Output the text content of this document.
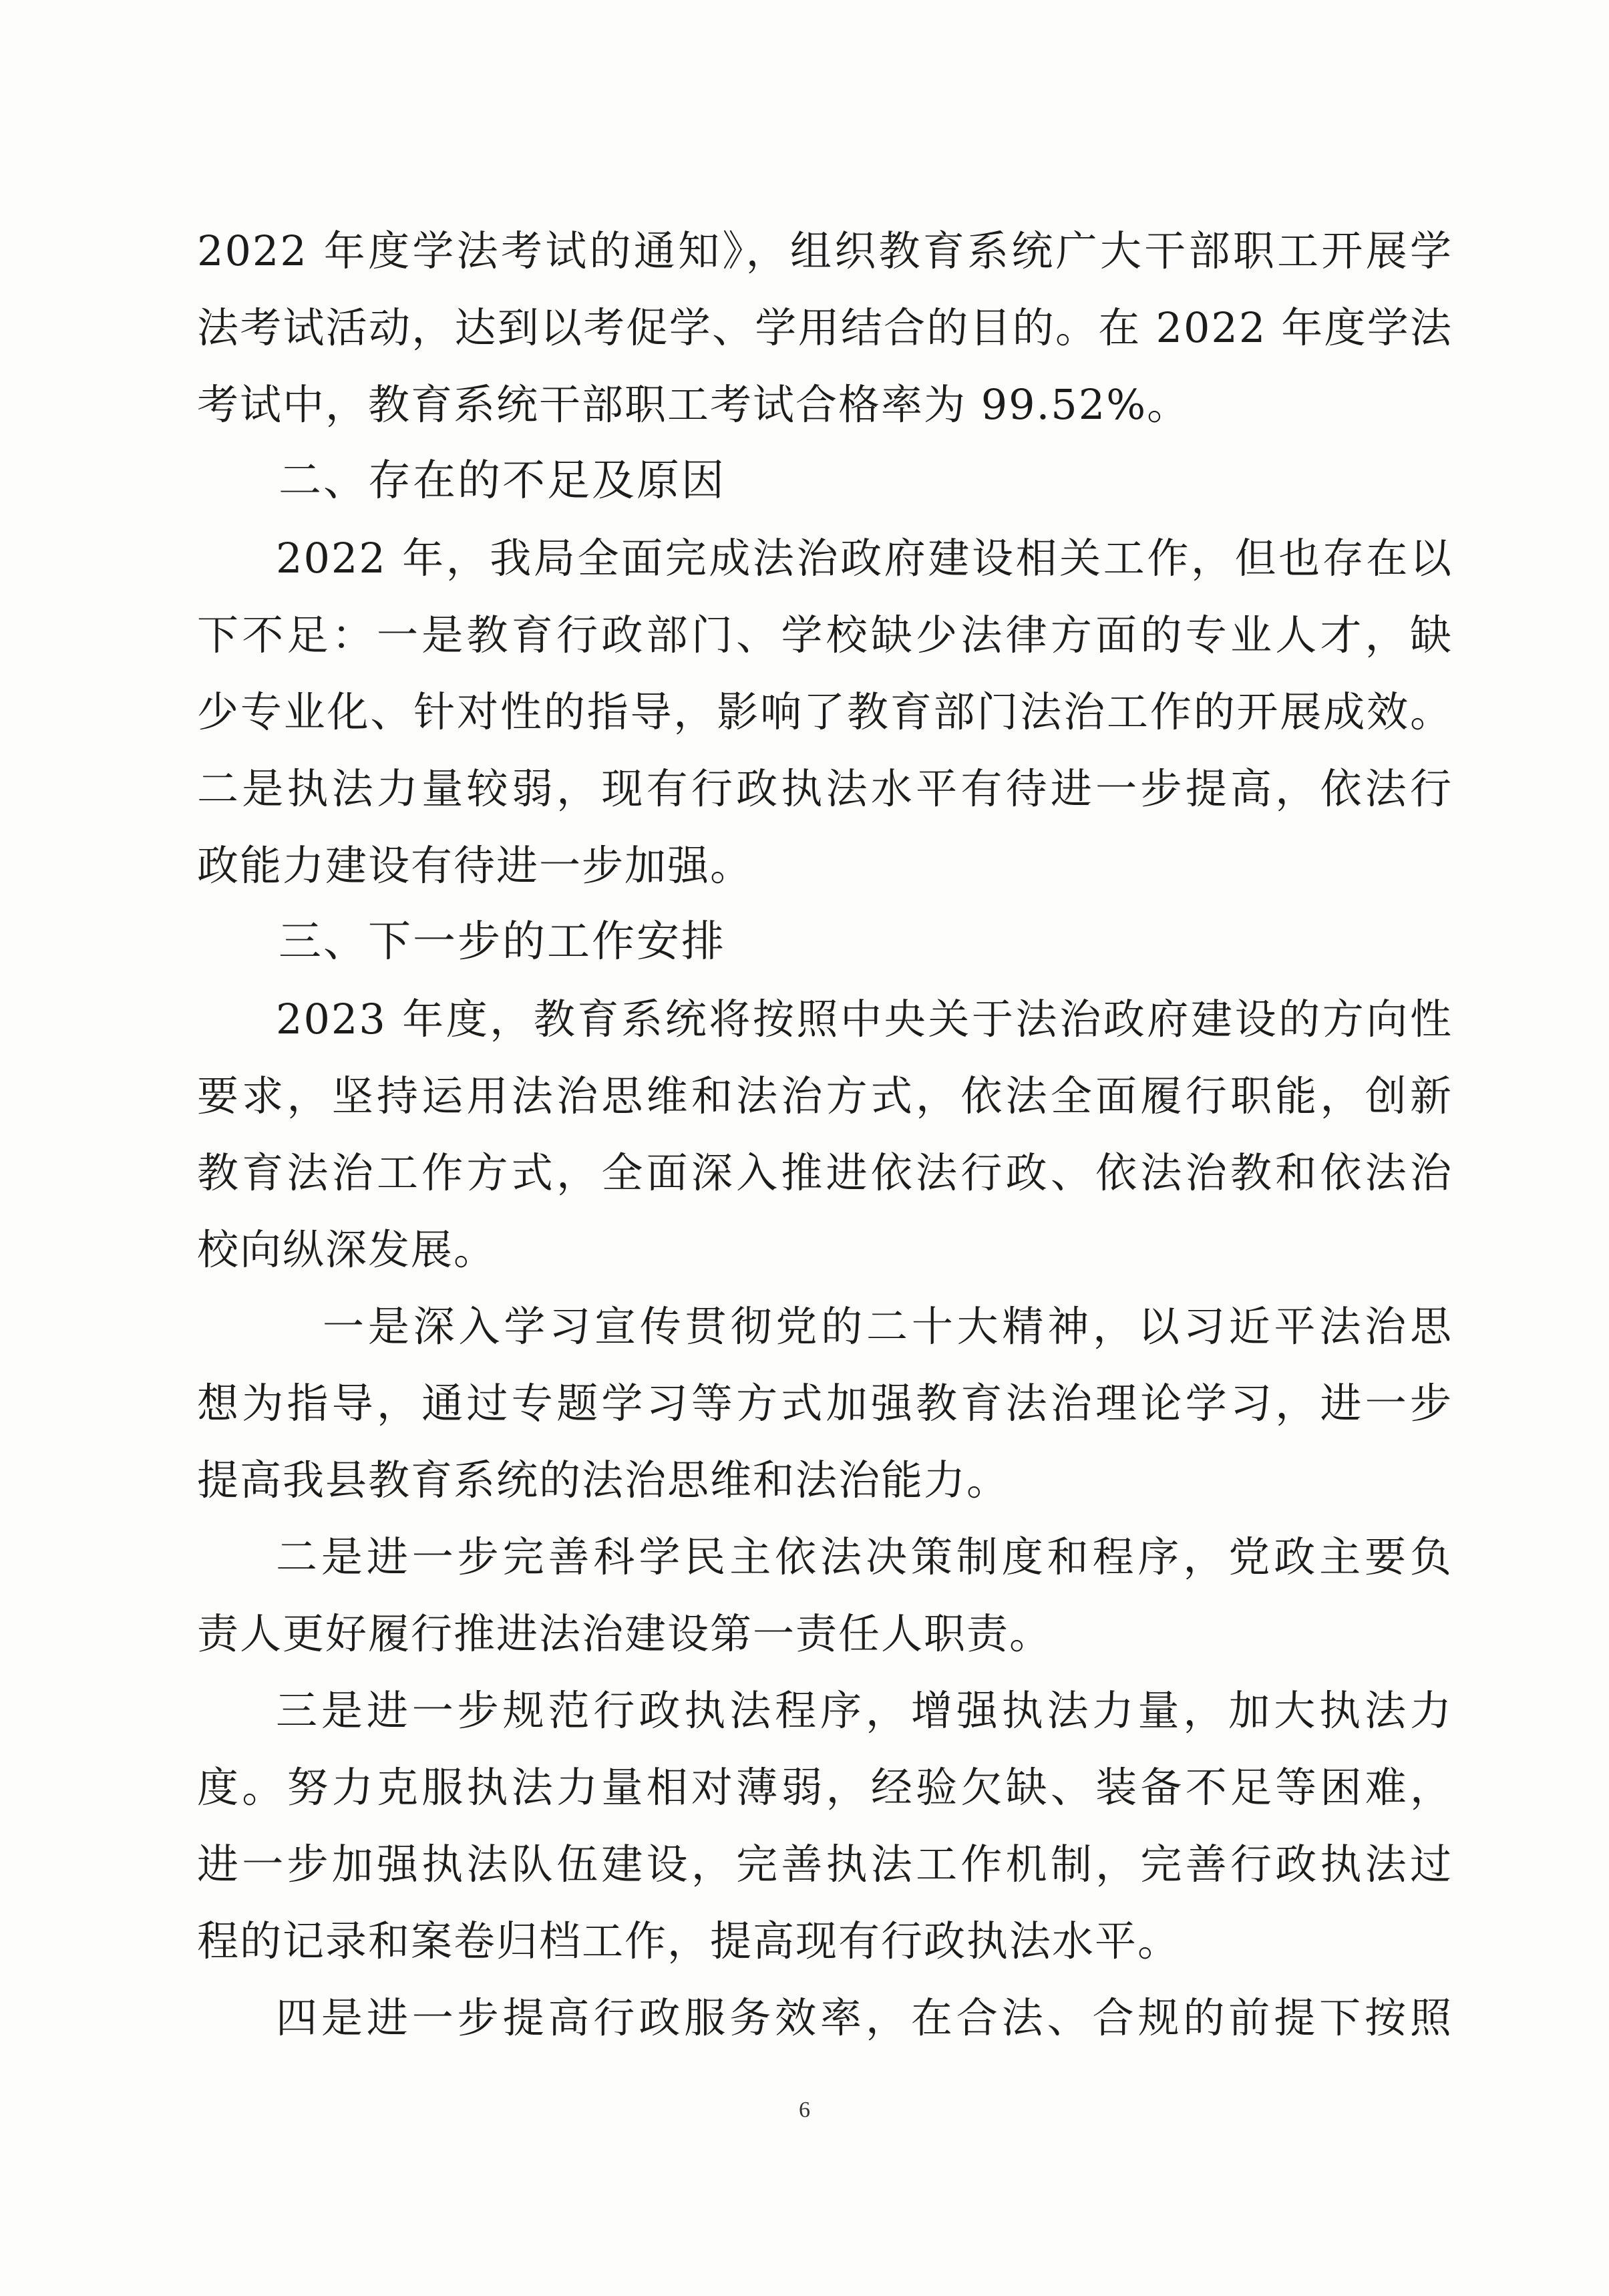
2022 年度学法考试的通知》，组织教育系统广大干部职工开展学
法考试活动，达到以考促学、学用结合的目的。在 2022 年度学法
考试中，教育系统干部职工考试合格率为 99.52%。
二、存在的不足及原因
2022 年，我局全面完成法治政府建设相关工作，但也存在以
下不足：一是教育行政部门、学校缺少法律方面的专业人才，缺
少专业化、针对性的指导，影响了教育部门法治工作的开展成效。
二是执法力量较弱，现有行政执法水平有待进一步提高，依法行
政能力建设有待进一步加强。
三、下一步的工作安排
2023 年度，教育系统将按照中央关于法治政府建设的方向性
要求，坚持运用法治思维和法治方式，依法全面履行职能，创新
教育法治工作方式，全面深入推进依法行政、依法治教和依法治
校向纵深发展。
一是深入学习宣传贯彻党的二十大精神，以习近平法治思
想为指导，通过专题学习等方式加强教育法治理论学习，进一步
提高我县教育系统的法治思维和法治能力。
二是进一步完善科学民主依法决策制度和程序，党政主要负
责人更好履行推进法治建设第一责任人职责。
三是进一步规范行政执法程序，增强执法力量，加大执法力
度。努力克服执法力量相对薄弱，经验欠缺、装备不足等困难，
进一步加强执法队伍建设，完善执法工作机制，完善行政执法过
程的记录和案卷归档工作，提高现有行政执法水平。
四是进一步提高行政服务效率，在合法、合规的前提下按照
6
